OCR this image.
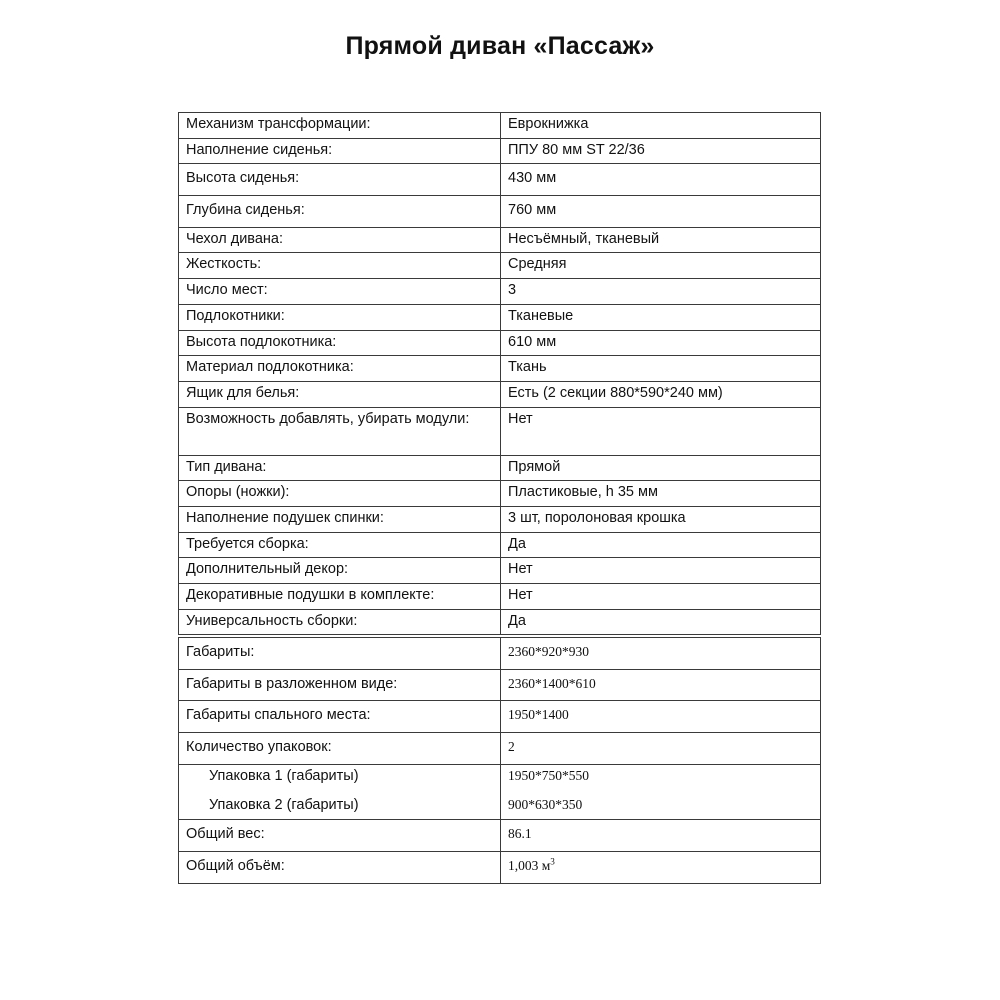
Прямой диван «Пассаж»
Механизм трансформации:	Еврокнижка
Наполнение сиденья:	ППУ 80 мм ST 22/36
Высота сиденья:	430 мм
Глубина сиденья:	760 мм
Чехол дивана:	Несъёмный, тканевый
Жесткость:	Средняя
Число мест:	3
Подлокотники:	Тканевые
Высота подлокотника:	610 мм
Материал подлокотника:	Ткань
Ящик для белья:	Есть (2 секции 880*590*240 мм)
Возможность добавлять, убирать модули:	Нет
Тип дивана:	Прямой
Опоры (ножки):	Пластиковые, h 35 мм
Наполнение подушек спинки:	3 шт, поролоновая крошка
Требуется сборка:	Да
Дополнительный декор:	Нет
Декоративные подушки в комплекте:	Нет
Универсальность сборки:	Да
Габариты:	2360*920*930
Габариты в разложенном виде:	2360*1400*610
Габариты спального места:	1950*1400
Количество упаковок:	2
Упаковка 1 (габариты)	1950*750*550
Упаковка 2 (габариты)	900*630*350
Общий вес:	86.1
Общий объём:	1,003 $м^3$
